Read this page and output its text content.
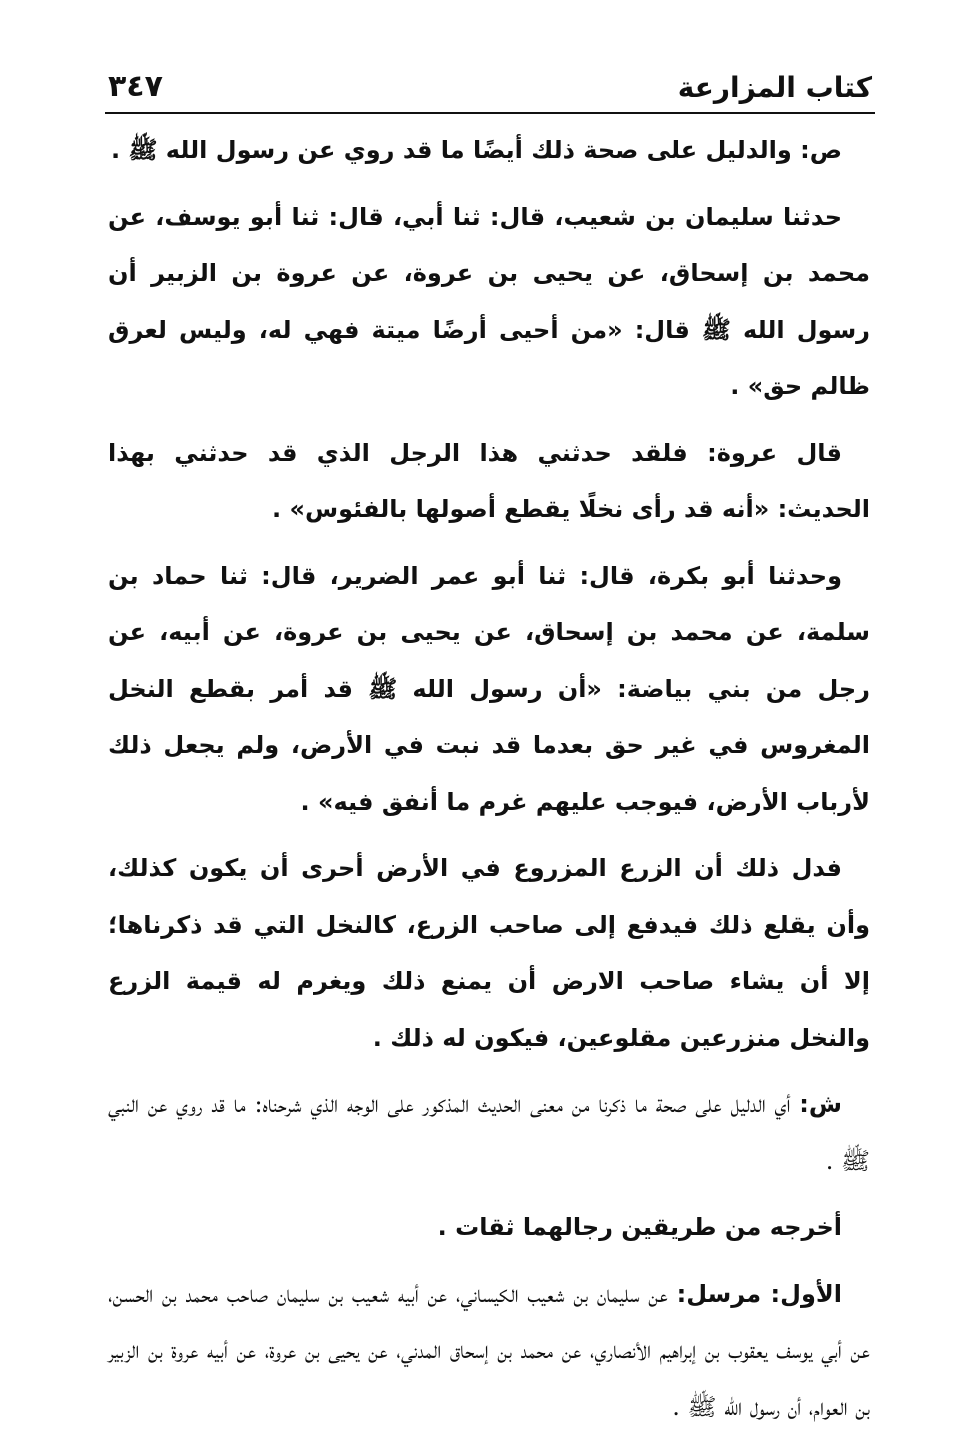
كتاب المزارعة
٣٤٧

ص: والدليل على صحة ذلك أيضًا ما قد روي عن رسول الله ﷺ .

حدثنا سليمان بن شعيب، قال: ثنا أبي، قال: ثنا أبو يوسف، عن محمد بن إسحاق، عن يحيى بن عروة، عن عروة بن الزبير أن رسول الله ﷺ قال: «من أحيى أرضًا ميتة فهي له، وليس لعرق ظالم حق» .

قال عروة: فلقد حدثني هذا الرجل الذي قد حدثني بهذا الحديث: «أنه قد رأى نخلًا يقطع أصولها بالفئوس» .

وحدثنا أبو بكرة، قال: ثنا أبو عمر الضرير، قال: ثنا حماد بن سلمة، عن محمد بن إسحاق، عن يحيى بن عروة، عن أبيه، عن رجل من بني بياضة: «أن رسول الله ﷺ قد أمر بقطع النخل المغروس في غير حق بعدما قد نبت في الأرض، ولم يجعل ذلك لأرباب الأرض، فيوجب عليهم غرم ما أنفق فيه» .

فدل ذلك أن الزرع المزروع في الأرض أحرى أن يكون كذلك، وأن يقلع ذلك فيدفع إلى صاحب الزرع، كالنخل التي قد ذكرناها؛ إلا أن يشاء صاحب الارض أن يمنع ذلك ويغرم له قيمة الزرع والنخل منزرعين مقلوعين، فيكون له ذلك .

ش: أي الدليل على صحة ما ذكرنا من معنى الحديث المذكور على الوجه الذي شرحناه: ما قد روي عن النبي ﷺ .

أخرجه من طريقين رجالهما ثقات .

الأول: مرسل: عن سليمان بن شعيب الكيساني، عن أبيه شعيب بن سليمان صاحب محمد بن الحسن، عن أبي يوسف يعقوب بن إبراهيم الأنصاري، عن محمد بن إسحاق المدني، عن يحيى بن عروة، عن أبيه عروة بن الزبير بن العوام، أن رسول الله ﷺ .
